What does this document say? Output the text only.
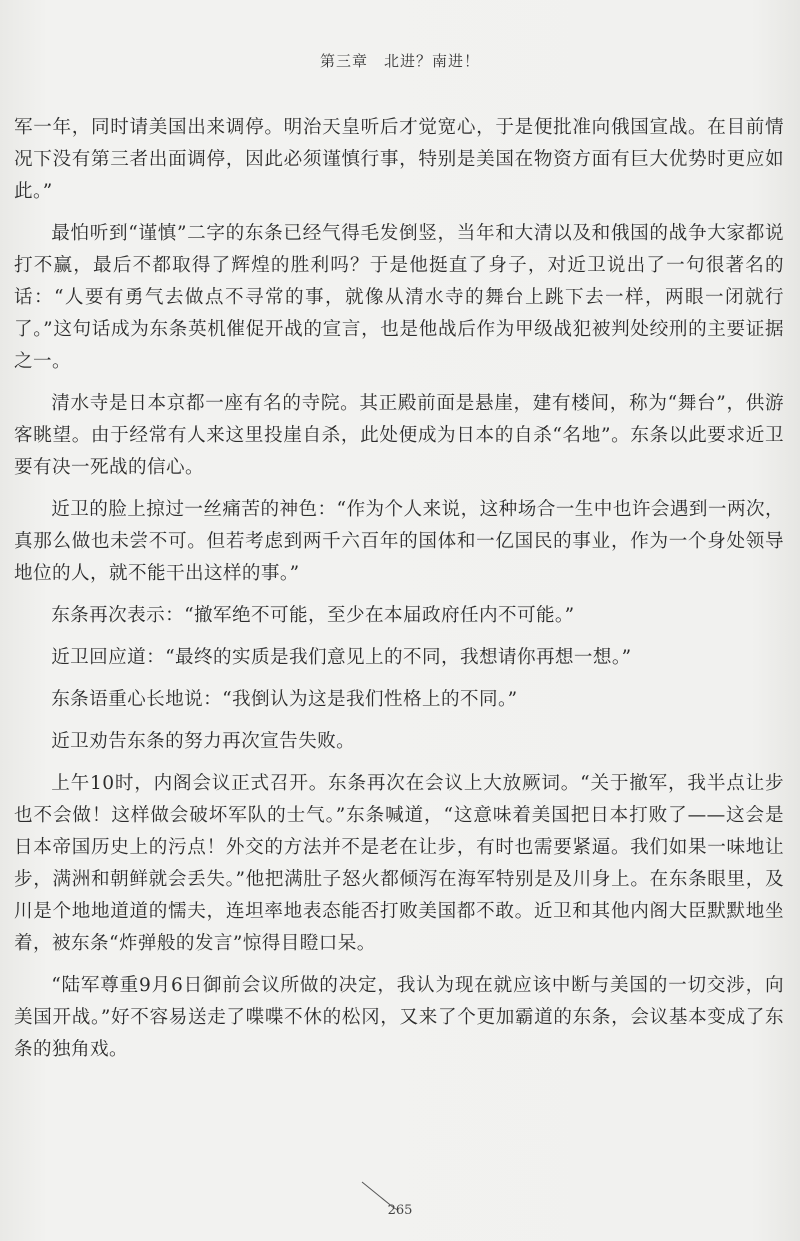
第三章　北进？南进！

军一年，同时请美国出来调停。明治天皇听后才觉宽心，于是便批准向俄国宣战。在目前情况下没有第三者出面调停，因此必须谨慎行事，特别是美国在物资方面有巨大优势时更应如此。”

最怕听到“谨慎”二字的东条已经气得毛发倒竖，当年和大清以及和俄国的战争大家都说打不赢，最后不都取得了辉煌的胜利吗？于是他挺直了身子，对近卫说出了一句很著名的话：“人要有勇气去做点不寻常的事，就像从清水寺的舞台上跳下去一样，两眼一闭就行了。”这句话成为东条英机催促开战的宣言，也是他战后作为甲级战犯被判处绞刑的主要证据之一。

清水寺是日本京都一座有名的寺院。其正殿前面是悬崖，建有楼间，称为“舞台”，供游客眺望。由于经常有人来这里投崖自杀，此处便成为日本的自杀“名地”。东条以此要求近卫要有决一死战的信心。

近卫的脸上掠过一丝痛苦的神色：“作为个人来说，这种场合一生中也许会遇到一两次，真那么做也未尝不可。但若考虑到两千六百年的国体和一亿国民的事业，作为一个身处领导地位的人，就不能干出这样的事。”

东条再次表示：“撤军绝不可能，至少在本届政府任内不可能。”

近卫回应道：“最终的实质是我们意见上的不同，我想请你再想一想。”

东条语重心长地说：“我倒认为这是我们性格上的不同。”

近卫劝告东条的努力再次宣告失败。

上午10时，内阁会议正式召开。东条再次在会议上大放厥词。“关于撤军，我半点让步也不会做！这样做会破坏军队的士气。”东条喊道，“这意味着美国把日本打败了——这会是日本帝国历史上的污点！外交的方法并不是老在让步，有时也需要紧逼。我们如果一味地让步，满洲和朝鲜就会丢失。”他把满肚子怒火都倾泻在海军特别是及川身上。在东条眼里，及川是个地地道道的懦夫，连坦率地表态能否打败美国都不敢。近卫和其他内阁大臣默默地坐着，被东条“炸弹般的发言”惊得目瞪口呆。

“陆军尊重9月6日御前会议所做的决定，我认为现在就应该中断与美国的一切交涉，向美国开战。”好不容易送走了喋喋不休的松冈，又来了个更加霸道的东条，会议基本变成了东条的独角戏。

265
